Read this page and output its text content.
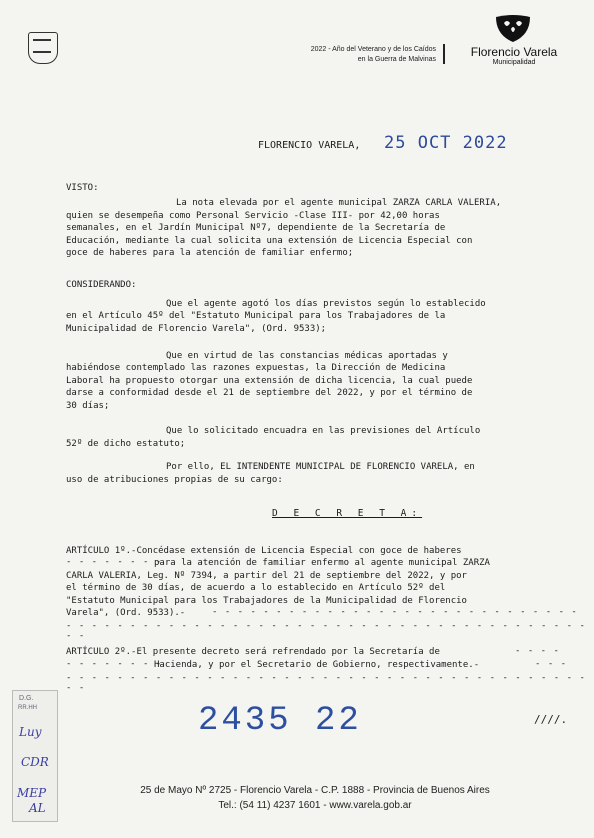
2022 - Año del Veterano y de los Caídos
en la Guerra de Malvinas
Florencio Varela
Municipalidad
FLORENCIO VARELA, 25 OCT 2022
VISTO:
La nota elevada por el agente municipal ZARZA CARLA VALERIA,
quien se desempeña como Personal Servicio -Clase III- por 42,00 horas
semanales, en el Jardín Municipal Nº7, dependiente de la Secretaría de
Educación, mediante la cual solicita una extensión de Licencia Especial con
goce de haberes para la atención de familiar enfermo;
CONSIDERANDO:
Que el agente agotó los días previstos según lo establecido
en el Artículo 45º del "Estatuto Municipal para los Trabajadores de la
Municipalidad de Florencio Varela", (Ord. 9533);
Que en virtud de las constancias médicas aportadas y
habiéndose contemplado las razones expuestas, la Dirección de Medicina
Laboral ha propuesto otorgar una extensión de dicha licencia, la cual puede
darse a conformidad desde el 21 de septiembre del 2022, y por el término de
30 días;
Que lo solicitado encuadra en las previsiones del Artículo
52º de dicho estatuto;
Por ello, EL INTENDENTE MUNICIPAL DE FLORENCIO VARELA, en
uso de atribuciones propias de su cargo:
D E C R E T A:
ARTÍCULO 1º.-Concédase extensión de Licencia Especial con goce de haberes
- - - - - - - -
para la atención de familiar enfermo al agente municipal ZARZA
CARLA VALERIA, Leg. Nº 7394, a partir del 21 de septiembre del 2022, y por
el término de 30 días, de acuerdo a lo establecido en Artículo 52º del
"Estatuto Municipal para los Trabajadores de la Municipalidad de Florencio
Varela", (Ord. 9533).-	- - - - - - - - - - - - - - - - - - - - - - - - - - - - -
- - - - - - - - - - - - - - - - - - - - - - - - - - - - - - - - - - - - - - - - - - -
ARTÍCULO 2º.-El presente decreto será refrendado por la Secretaría de	- - - -
- - - - - - - -
Hacienda, y por el Secretario de Gobierno, respectivamente.-	- - -
- - - - - - - - - - - - - - - - - - - - - - - - - - - - - - - - - - - - - - - - - - -
2435 22	////.
D.G.
RR.HH
Luy
CDR
MEP
AL
25 de Mayo Nº 2725 - Florencio Varela - C.P. 1888 - Provincia de Buenos Aires
Tel.: (54 11) 4237 1601 - www.varela.gob.ar
